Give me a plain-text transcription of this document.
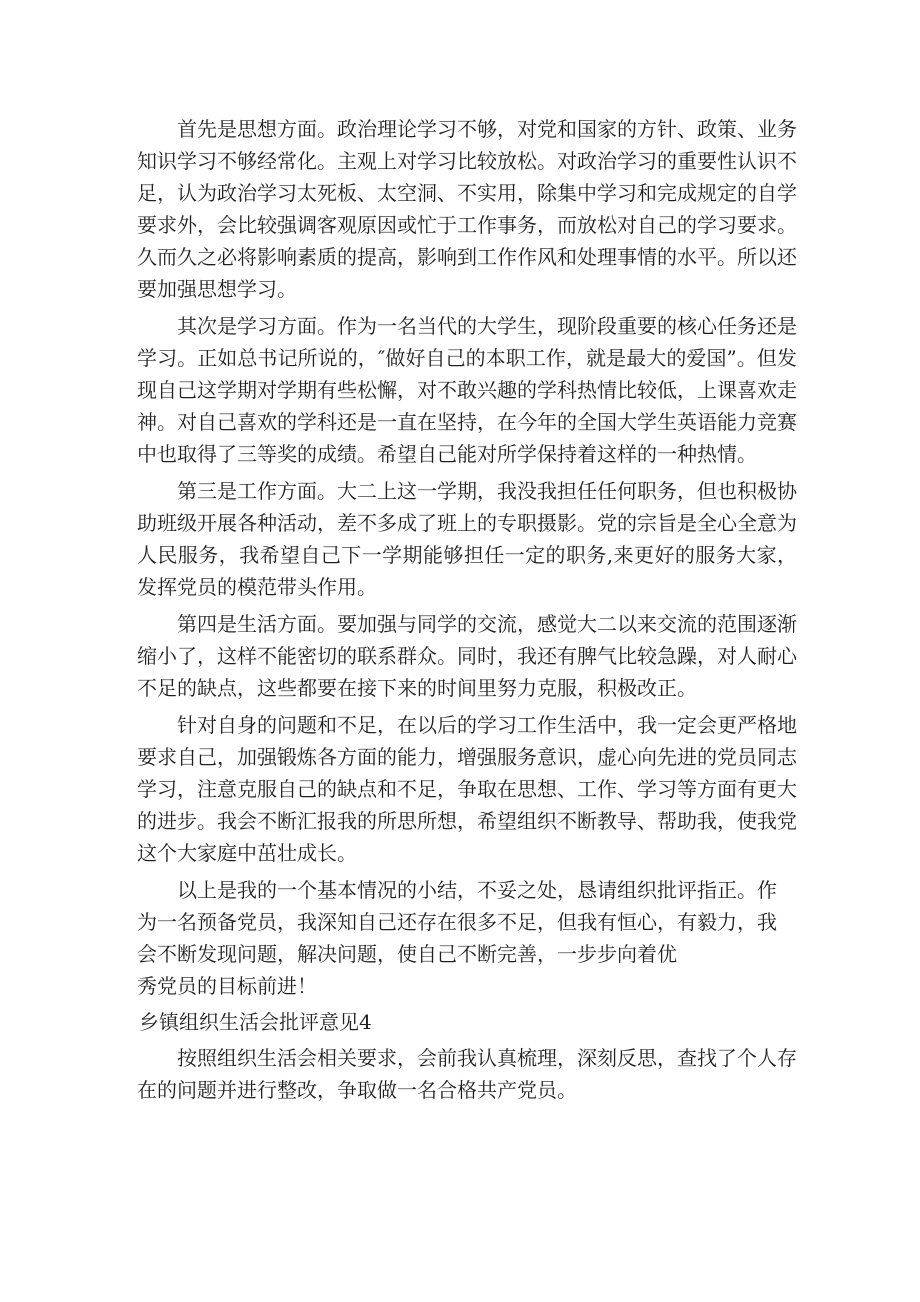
首先是思想方面。政治理论学习不够，对党和国家的方针、政策、业务知识学习不够经常化。主观上对学习比较放松。对政治学习的重要性认识不足，认为政治学习太死板、太空洞、不实用，除集中学习和完成规定的自学要求外，会比较强调客观原因或忙于工作事务，而放松对自己的学习要求。久而久之必将影响素质的提高，影响到工作作风和处理事情的水平。所以还要加强思想学习。

其次是学习方面。作为一名当代的大学生，现阶段重要的核心任务还是学习。正如总书记所说的，″做好自己的本职工作，就是最大的爱国”。但发现自己这学期对学期有些松懈，对不敢兴趣的学科热情比较低，上课喜欢走神。对自己喜欢的学科还是一直在坚持，在今年的全国大学生英语能力竞赛中也取得了三等奖的成绩。希望自己能对所学保持着这样的一种热情。

第三是工作方面。大二上这一学期，我没我担任任何职务，但也积极协助班级开展各种活动，差不多成了班上的专职摄影。党的宗旨是全心全意为人民服务，我希望自己下一学期能够担任一定的职务,来更好的服务大家，发挥党员的模范带头作用。

第四是生活方面。要加强与同学的交流，感觉大二以来交流的范围逐渐缩小了，这样不能密切的联系群众。同时，我还有脾气比较急躁，对人耐心不足的缺点，这些都要在接下来的时间里努力克服，积极改正。

针对自身的问题和不足，在以后的学习工作生活中，我一定会更严格地要求自己，加强锻炼各方面的能力，增强服务意识，虚心向先进的党员同志学习，注意克服自己的缺点和不足，争取在思想、工作、学习等方面有更大的进步。我会不断汇报我的所思所想，希望组织不断教导、帮助我，使我党这个大家庭中茁壮成长。

以上是我的一个基本情况的小结，不妥之处，恳请组织批评指正。作

为一名预备党员，我深知自己还存在很多不足，但我有恒心，有毅力，我

会不断发现问题，解决问题，使自己不断完善，一步步向着优

秀党员的目标前进！

乡镇组织生活会批评意见4

按照组织生活会相关要求，会前我认真梳理，深刻反思，查找了个人存在的问题并进行整改，争取做一名合格共产党员。
